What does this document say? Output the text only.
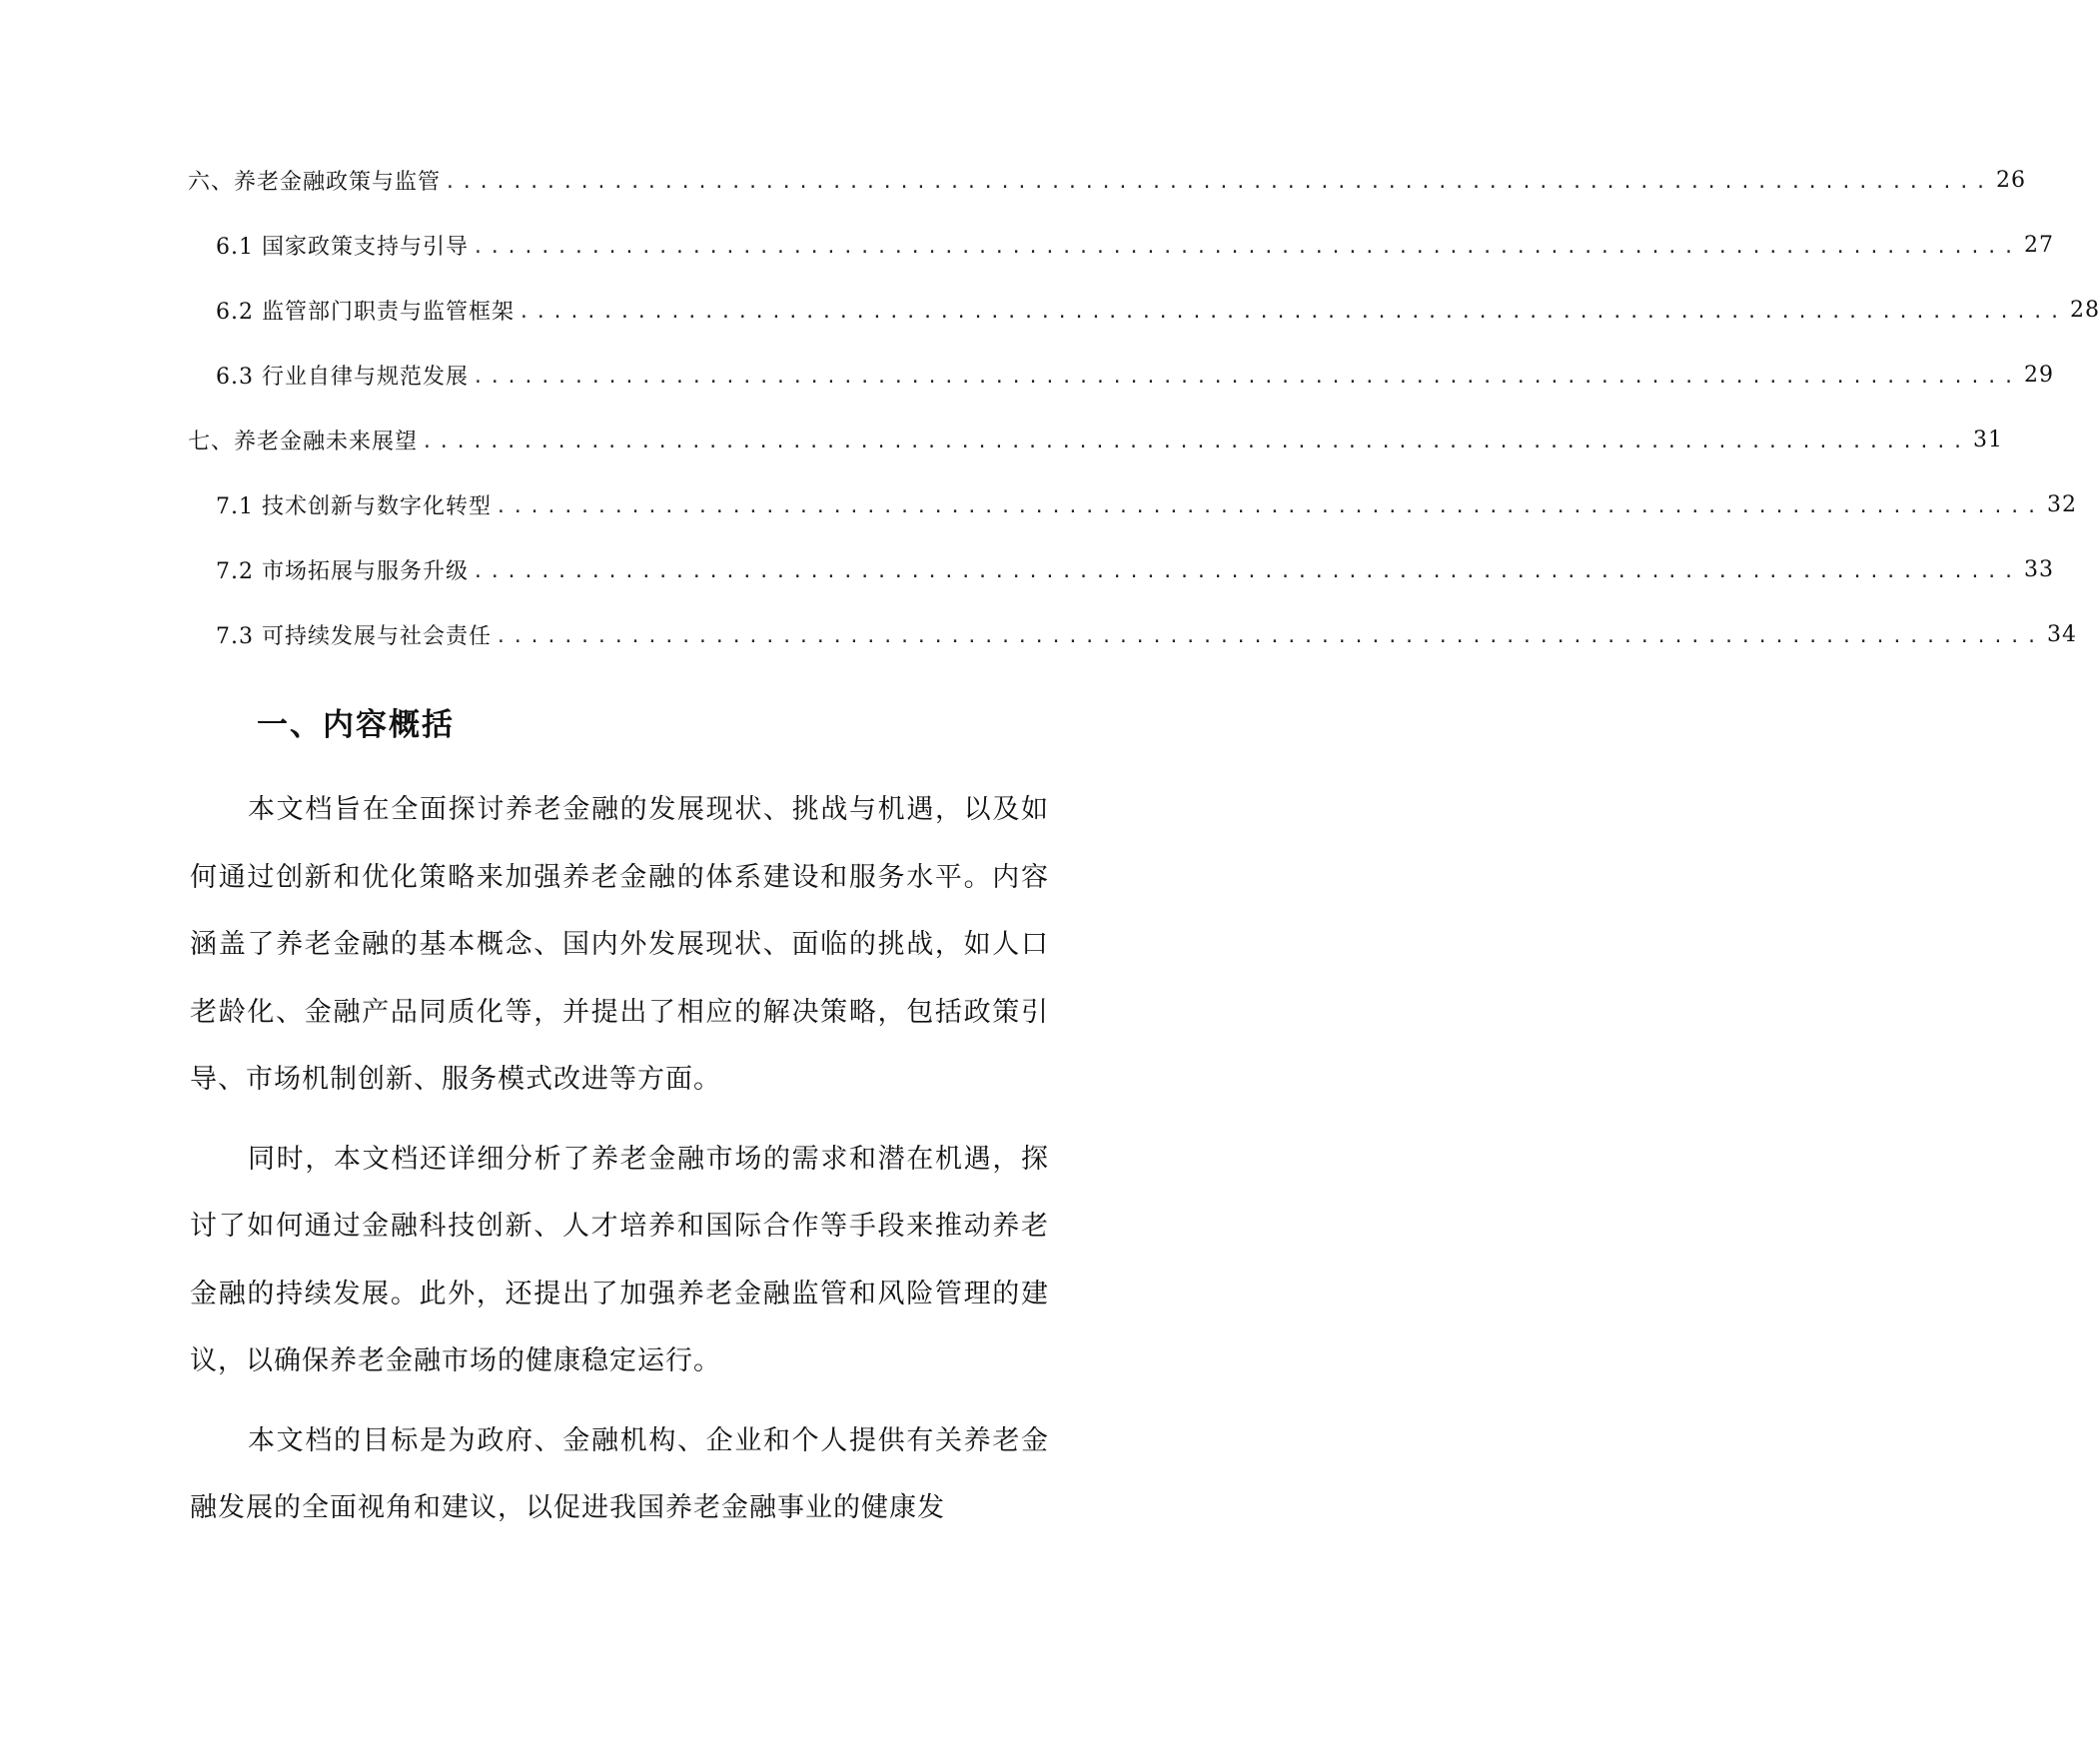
六、养老金融政策与监管 ............................................................................................ 26
6.1 国家政策支持与引导 ............................................................................................ 27
6.2 监管部门职责与监管框架 ............................................................................................ 28
6.3 行业自律与规范发展 ............................................................................................ 29
七、养老金融未来展望 ............................................................................................ 31
7.1 技术创新与数字化转型 ............................................................................................ 32
7.2 市场拓展与服务升级 ............................................................................................ 33
7.3 可持续发展与社会责任 ............................................................................................ 34
一、内容概括

本文档旨在全面探讨养老金融的发展现状、挑战与机遇，以及如何通过创新和优化策略来加强养老金融的体系建设和服务水平。内容涵盖了养老金融的基本概念、国内外发展现状、面临的挑战，如人口老龄化、金融产品同质化等，并提出了相应的解决策略，包括政策引导、市场机制创新、服务模式改进等方面。

同时，本文档还详细分析了养老金融市场的需求和潜在机遇，探讨了如何通过金融科技创新、人才培养和国际合作等手段来推动养老金融的持续发展。此外，还提出了加强养老金融监管和风险管理的建议，以确保养老金融市场的健康稳定运行。

本文档的目标是为政府、金融机构、企业和个人提供有关养老金融发展的全面视角和建议，以促进我国养老金融事业的健康发
